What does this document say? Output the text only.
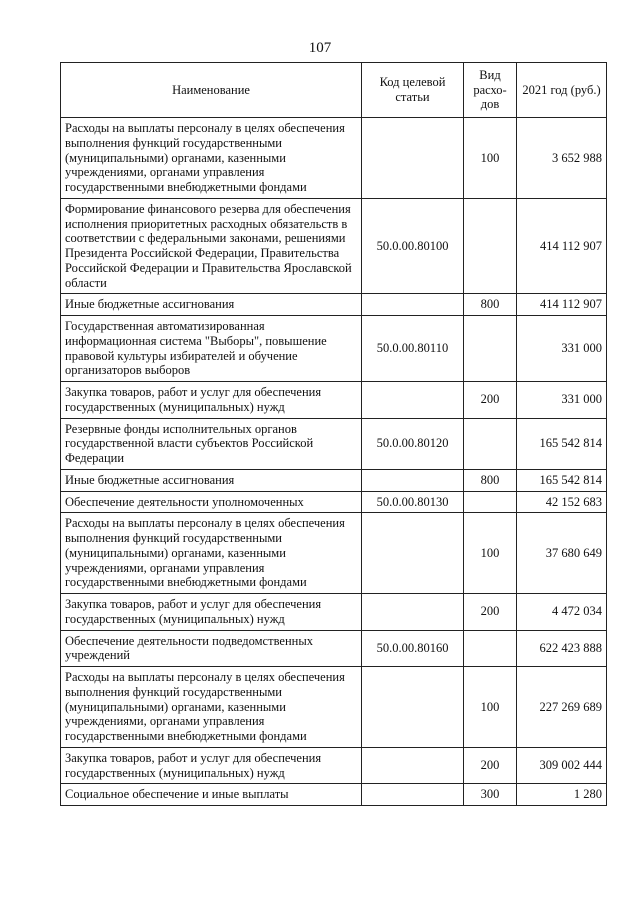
107
Наименование	Код целевой статьи	Вид расхо-дов	2021 год (руб.)
Расходы на выплаты персоналу в целях обеспечения выполнения функций государственными (муниципальными) органами, казенными учреждениями, органами управления государственными внебюджетными фондами		100	3 652 988
Формирование финансового резерва для обеспечения исполнения приоритетных расходных обязательств в соответствии с федеральными законами, решениями Президента Российской Федерации, Правительства Российской Федерации и Правительства Ярославской области	50.0.00.80100		414 112 907
Иные бюджетные ассигнования		800	414 112 907
Государственная автоматизированная информационная система "Выборы", повышение правовой культуры избирателей и обучение организаторов выборов	50.0.00.80110		331 000
Закупка товаров, работ и услуг для обеспечения государственных (муниципальных) нужд		200	331 000
Резервные фонды исполнительных органов государственной власти субъектов Российской Федерации	50.0.00.80120		165 542 814
Иные бюджетные ассигнования		800	165 542 814
Обеспечение деятельности уполномоченных	50.0.00.80130		42 152 683
Расходы на выплаты персоналу в целях обеспечения выполнения функций государственными (муниципальными) органами, казенными учреждениями, органами управления государственными внебюджетными фондами		100	37 680 649
Закупка товаров, работ и услуг для обеспечения государственных (муниципальных) нужд		200	4 472 034
Обеспечение деятельности подведомственных учреждений	50.0.00.80160		622 423 888
Расходы на выплаты персоналу в целях обеспечения выполнения функций государственными (муниципальными) органами, казенными учреждениями, органами управления государственными внебюджетными фондами		100	227 269 689
Закупка товаров, работ и услуг для обеспечения государственных (муниципальных) нужд		200	309 002 444
Социальное обеспечение и иные выплаты		300	1 280
